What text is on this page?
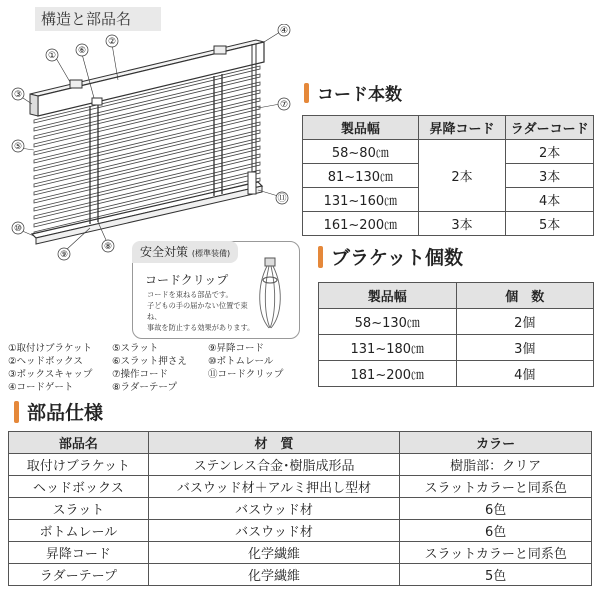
構造と部品名
①
②
③
④
⑤
⑥
⑦
⑧
⑨
⑩
⑪
安全対策 (標準装備)
コードクリップ
コードを束ねる部品です。
子どもの手の届かない位置で束ね、
事故を防止する効果があります。
①取付けブラケット ⑤スラット	⑨昇降コード
②ヘッドボックス	⑥スラット押さえ ⑩ボトムレール
③ボックスキャップ ⑦操作コード	⑪コードクリップ
④コードゲート	⑧ラダーテープ
コード本数
製品幅	昇降コード	ラダーコード
58~80㎝	2本	2本
81~130㎝		3本
131~160㎝		4本
161~200㎝	3本	5本
ブラケット個数
製品幅	個　数
58~130㎝	2個
131~180㎝	3個
181~200㎝	4個
部品仕様
部品名	材　質	カラー
取付けブラケット	ステンレス合金･樹脂成形品	樹脂部：クリア
ヘッドボックス	バスウッド材＋アルミ押出し型材	スラットカラーと同系色
スラット	バスウッド材	6色
ボトムレール	バスウッド材	6色
昇降コード	化学繊維	スラットカラーと同系色
ラダーテープ	化学繊維	5色
